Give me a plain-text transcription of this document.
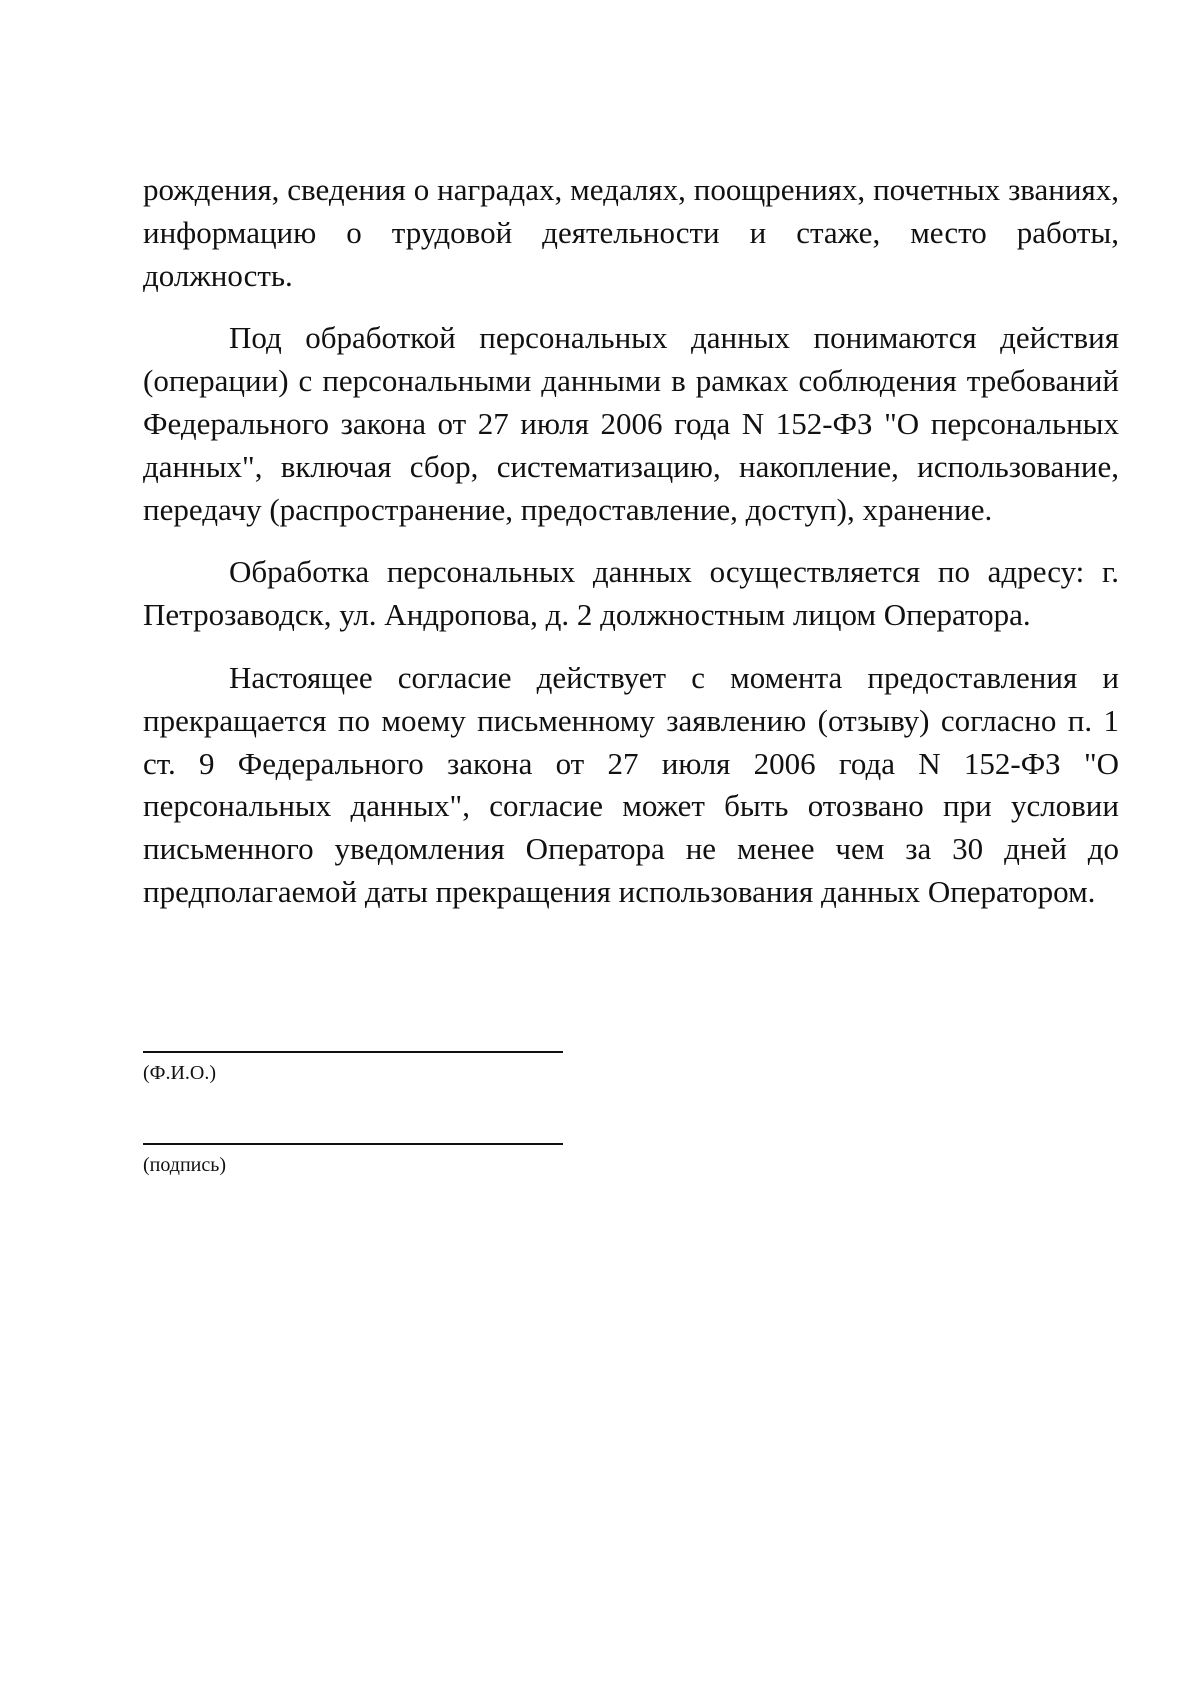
рождения, сведения о наградах, медалях, поощрениях, почетных званиях, информацию о трудовой деятельности и стаже, место работы, должность.

Под обработкой персональных данных понимаются действия (операции) с персональными данными в рамках соблюдения требований Федерального закона от 27 июля 2006 года N 152-ФЗ "О персональных данных", включая сбор, систематизацию, накопление, использование, передачу (распространение, предоставление, доступ), хранение.

Обработка персональных данных осуществляется по адресу: г. Петрозаводск, ул. Андропова, д. 2 должностным лицом Оператора.

Настоящее согласие действует с момента предоставления и прекращается по моему письменному заявлению (отзыву) согласно п. 1 ст. 9 Федерального закона от 27 июля 2006 года N 152-ФЗ "О персональных данных", согласие может быть отозвано при условии письменного уведомления Оператора не менее чем за 30 дней до предполагаемой даты прекращения использования данных Оператором.

(Ф.И.О.)
(подпись)
